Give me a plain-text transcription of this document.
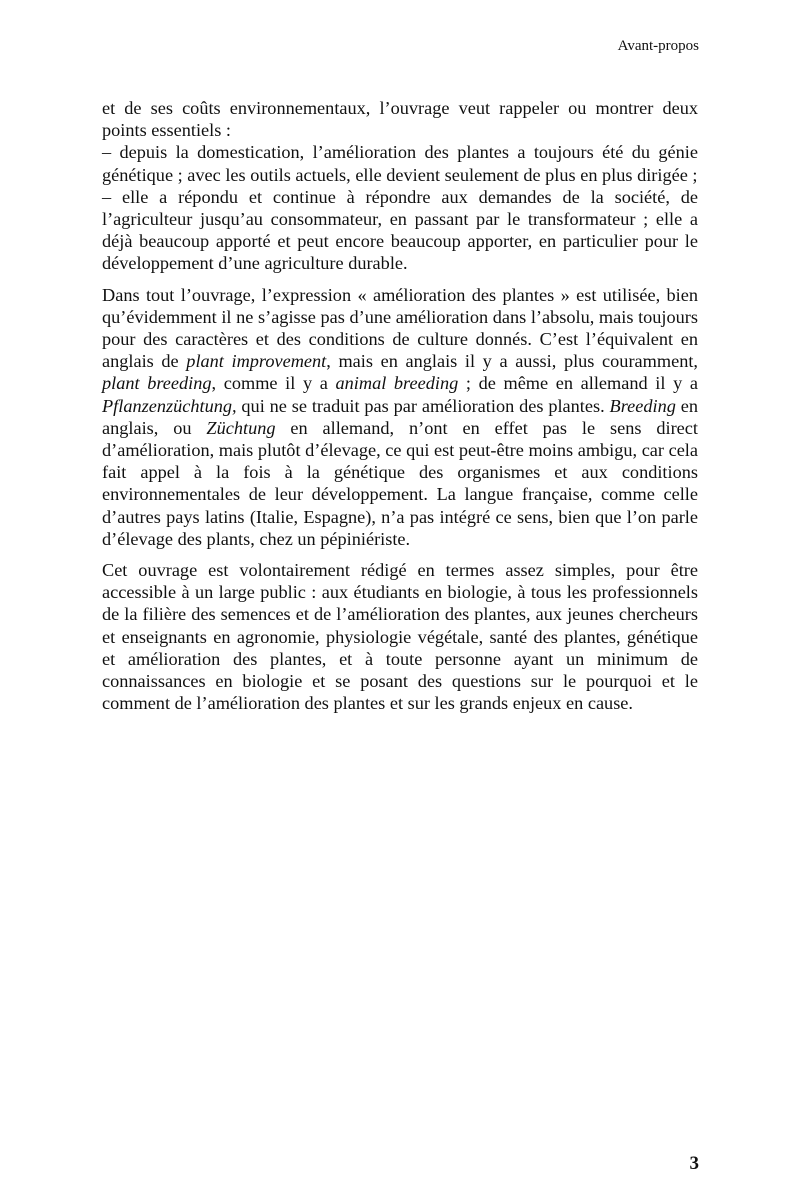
Avant-propos

et de ses coûts environnementaux, l’ouvrage veut rappeler ou montrer deux points essentiels :
– depuis la domestication, l’amélioration des plantes a toujours été du génie génétique ; avec les outils actuels, elle devient seulement de plus en plus dirigée ;
– elle a répondu et continue à répondre aux demandes de la société, de l’agriculteur jusqu’au consommateur, en passant par le transformateur ; elle a déjà beaucoup apporté et peut encore beaucoup apporter, en particulier pour le développement d’une agriculture durable.

Dans tout l’ouvrage, l’expression « amélioration des plantes » est utilisée, bien qu’évidemment il ne s’agisse pas d’une amélioration dans l’absolu, mais toujours pour des caractères et des conditions de culture donnés. C’est l’équivalent en anglais de plant improvement, mais en anglais il y a aussi, plus couramment, plant breeding, comme il y a animal breeding ; de même en allemand il y a Pflanzenzüchtung, qui ne se traduit pas par amélioration des plantes. Breeding en anglais, ou Züchtung en allemand, n’ont en effet pas le sens direct d’amélioration, mais plutôt d’élevage, ce qui est peut-être moins ambigu, car cela fait appel à la fois à la génétique des organismes et aux conditions environnementales de leur développement. La langue française, comme celle d’autres pays latins (Italie, Espagne), n’a pas intégré ce sens, bien que l’on parle d’élevage des plants, chez un pépiniériste.

Cet ouvrage est volontairement rédigé en termes assez simples, pour être accessible à un large public : aux étudiants en biologie, à tous les professionnels de la filière des semences et de l’amélioration des plantes, aux jeunes chercheurs et enseignants en agronomie, physiologie végétale, santé des plantes, génétique et amélioration des plantes, et à toute personne ayant un minimum de connaissances en biologie et se posant des questions sur le pourquoi et le comment de l’amélioration des plantes et sur les grands enjeux en cause.

3
